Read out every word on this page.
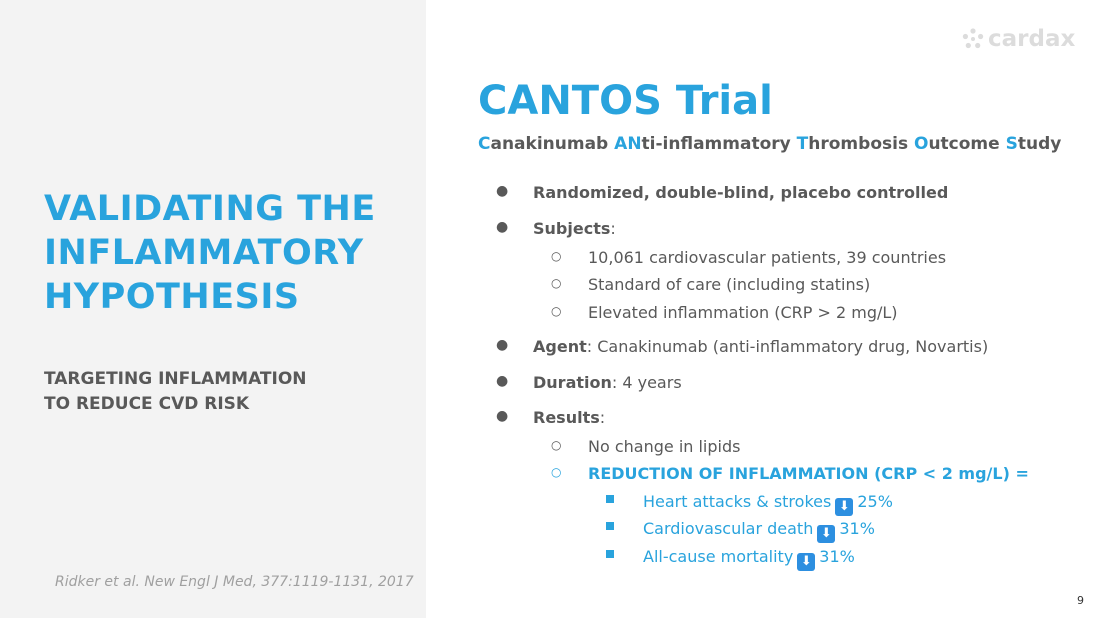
VALIDATING THE
INFLAMMATORY
HYPOTHESIS
TARGETING INFLAMMATION
TO REDUCE CVD RISK
Ridker et al. New Engl J Med, 377:1119-1131, 2017
cardax
CANTOS Trial
Canakinumab ANti-inflammatory Thrombosis Outcome Study
● Randomized, double-blind, placebo controlled
● Subjects:
○ 10,061 cardiovascular patients, 39 countries
○ Standard of care (including statins)
○ Elevated inflammation (CRP > 2 mg/L)
● Agent: Canakinumab (anti-inflammatory drug, Novartis)
● Duration: 4 years
● Results:
○ No change in lipids
○ REDUCTION OF INFLAMMATION (CRP < 2 mg/L) =
Heart attacks & strokes ⬇ 25%
Cardiovascular death ⬇ 31%
All-cause mortality ⬇ 31%
9
